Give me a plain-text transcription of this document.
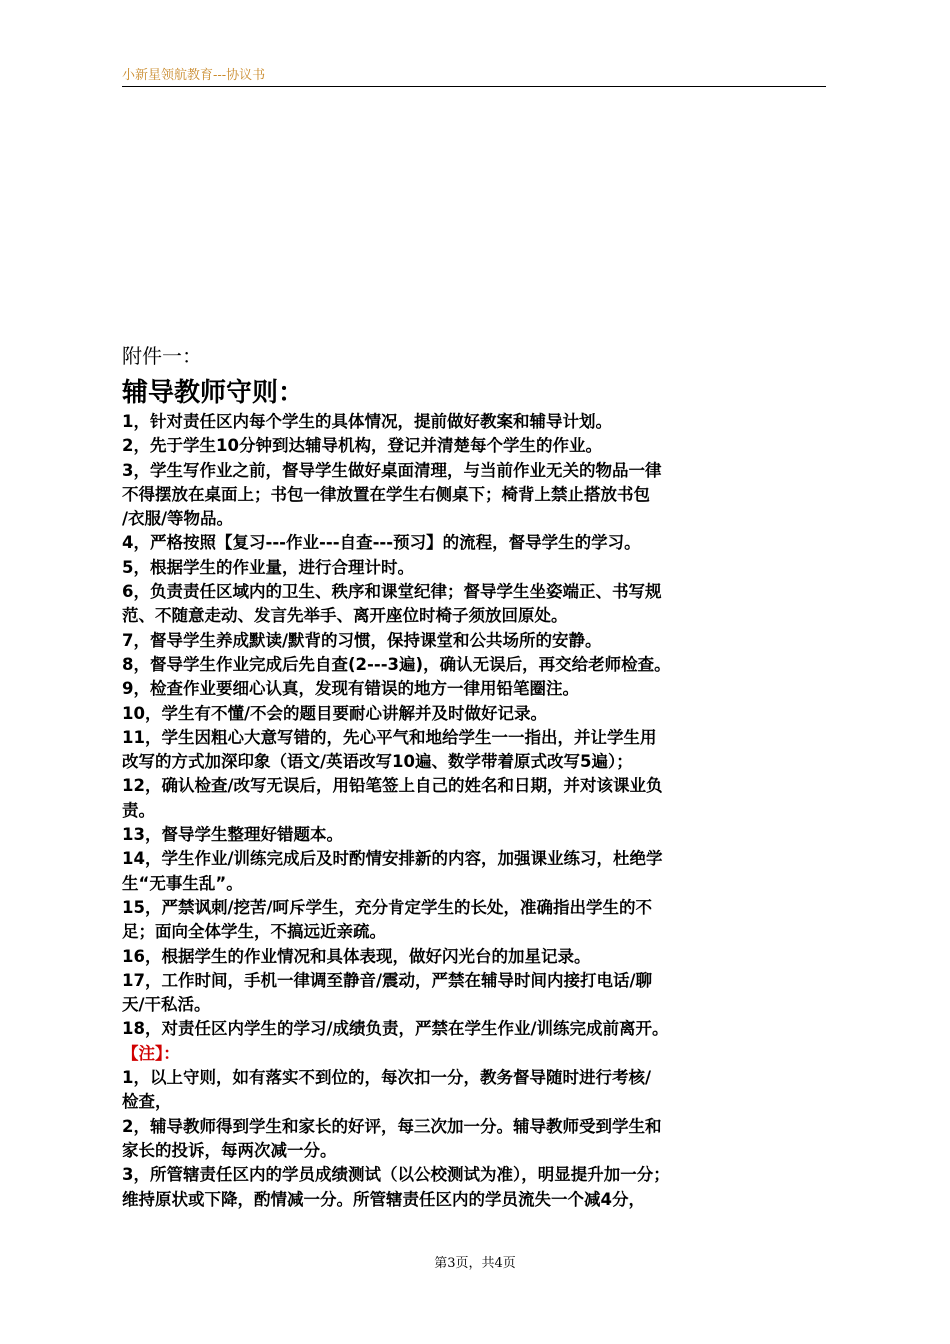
小新星领航教育---协议书
附件一：
辅导教师守则：
1，针对责任区内每个学生的具体情况，提前做好教案和辅导计划。
2，先于学生10分钟到达辅导机构，登记并清楚每个学生的作业。
3，学生写作业之前，督导学生做好桌面清理，与当前作业无关的物品一律
不得摆放在桌面上；书包一律放置在学生右侧桌下；椅背上禁止搭放书包
/衣服/等物品。
4，严格按照【复习---作业---自查---预习】的流程，督导学生的学习。
5，根据学生的作业量，进行合理计时。
6，负责责任区域内的卫生、秩序和课堂纪律；督导学生坐姿端正、书写规
范、不随意走动、发言先举手、离开座位时椅子须放回原处。
7，督导学生养成默读/默背的习惯，保持课堂和公共场所的安静。
8，督导学生作业完成后先自查(2---3遍)，确认无误后，再交给老师检查。
9，检查作业要细心认真，发现有错误的地方一律用铅笔圈注。
10，学生有不懂/不会的题目要耐心讲解并及时做好记录。
11，学生因粗心大意写错的，先心平气和地给学生一一指出，并让学生用
改写的方式加深印象（语文/英语改写10遍、数学带着原式改写5遍）；
12，确认检查/改写无误后，用铅笔签上自己的姓名和日期，并对该课业负
责。
13，督导学生整理好错题本。
14，学生作业/训练完成后及时酌情安排新的内容，加强课业练习，杜绝学
生“无事生乱”。
15，严禁讽刺/挖苦/呵斥学生，充分肯定学生的长处，准确指出学生的不
足；面向全体学生，不搞远近亲疏。
16，根据学生的作业情况和具体表现，做好闪光台的加星记录。
17，工作时间，手机一律调至静音/震动，严禁在辅导时间内接打电话/聊
天/干私活。
18，对责任区内学生的学习/成绩负责，严禁在学生作业/训练完成前离开。
【注】：
1，以上守则，如有落实不到位的，每次扣一分，教务督导随时进行考核/
检查，
2，辅导教师得到学生和家长的好评，每三次加一分。辅导教师受到学生和
家长的投诉，每两次减一分。
3，所管辖责任区内的学员成绩测试（以公校测试为准），明显提升加一分；
维持原状或下降，酌情减一分。所管辖责任区内的学员流失一个减4分，
第3页，共4页
